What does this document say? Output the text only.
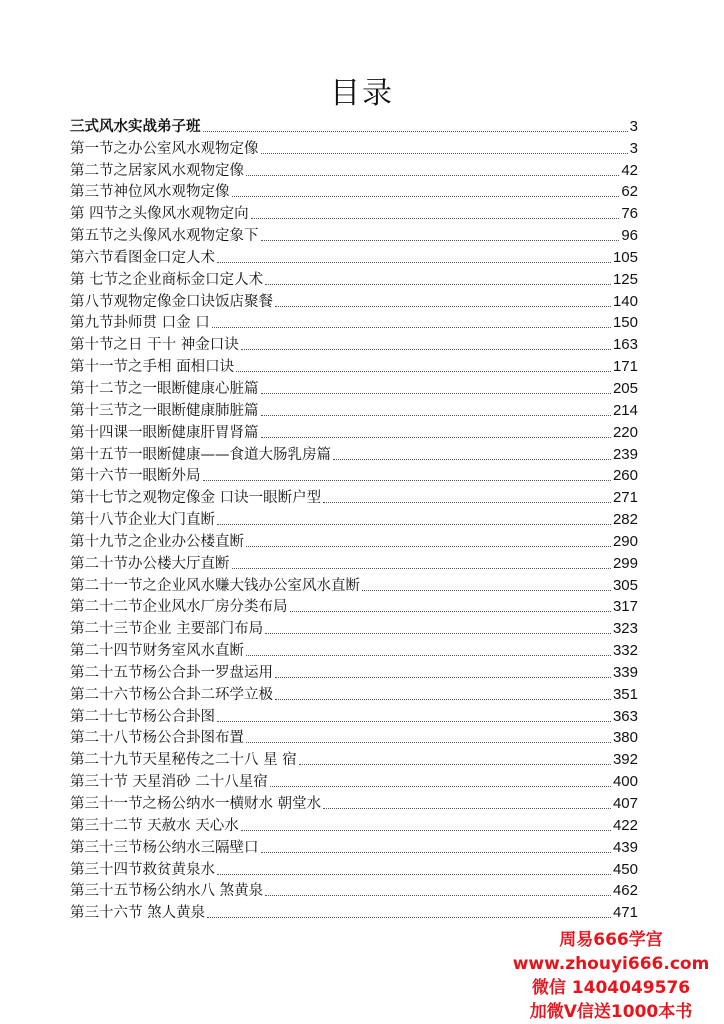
目录
三式风水实战弟子班	3
第一节之办公室风水观物定像	3
第二节之居家风水观物定像	42
第三节神位风水观物定像	62
第 四节之头像风水观物定向	76
第五节之头像风水观物定象下	96
第六节看图金口定人术	105
第 七节之企业商标金口定人术	125
第八节观物定像金口诀饭店聚餐	140
第九节卦师贯 口金 口	150
第十节之日 干十 神金口诀	163
第十一节之手相 面相口诀	171
第十二节之一眼断健康心脏篇	205
第十三节之一眼断健康肺脏篇	214
第十四课一眼断健康肝胃肾篇	220
第十五节一眼断健康——食道大肠乳房篇	239
第十六节一眼断外局	260
第十七节之观物定像金 口诀一眼断户型	271
第十八节企业大门直断	282
第十九节之企业办公楼直断	290
第二十节办公楼大厅直断	299
第二十一节之企业风水赚大钱办公室风水直断	305
第二十二节企业风水厂房分类布局	317
第二十三节企业 主要部门布局	323
第二十四节财务室风水直断	332
第二十五节杨公合卦一罗盘运用	339
第二十六节杨公合卦二环学立极	351
第二十七节杨公合卦图	363
第二十八节杨公合卦图布置	380
第二十九节天星秘传之二十八 星 宿	392
第三十节 天星消砂 二十八星宿	400
第三十一节之杨公纳水一横财水 朝堂水	407
第三十二节 天赦水 天心水	422
第三十三节杨公纳水三隔壁口	439
第三十四节救贫黄泉水	450
第三十五节杨公纳水八 煞黄泉	462
第三十六节 煞人黄泉	471
周易666学宫
www.zhouyi666.com
微信 1404049576
加微V信送1000本书
